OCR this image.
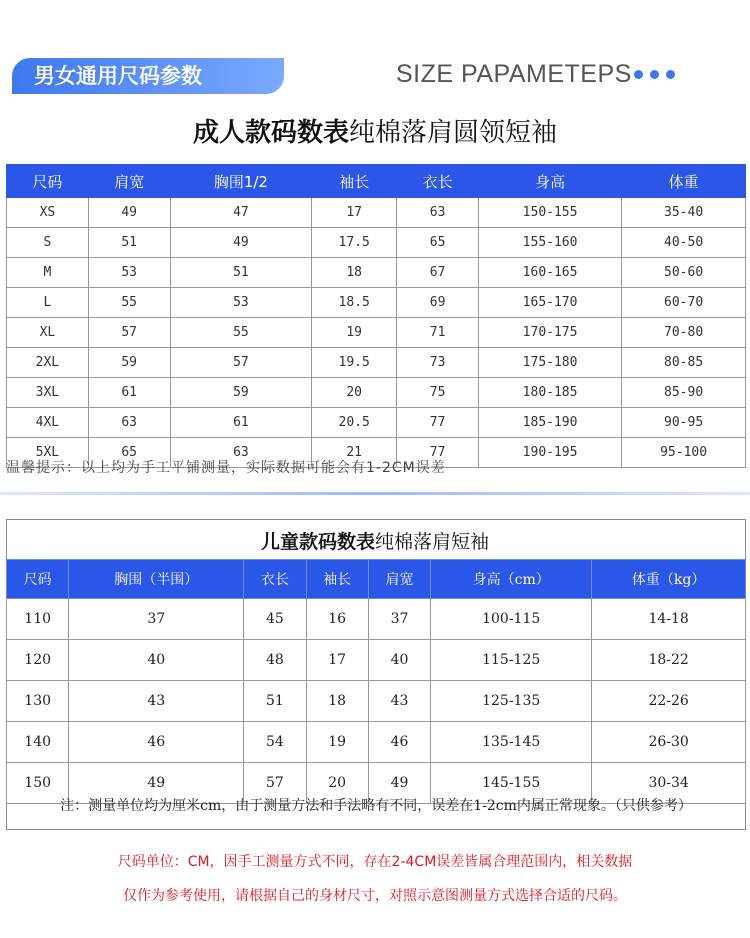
男女通用尺码参数	SIZE PAPAMETEPS
成人款码数表纯棉落肩圆领短袖
尺码	肩宽	胸围1/2	袖长	衣长	身高	体重
XS	49	47	17	63	150-155	35-40
S	51	49	17.5	65	155-160	40-50
M	53	51	18	67	160-165	50-60
L	55	53	18.5	69	165-170	60-70
XL	57	55	19	71	170-175	70-80
2XL	59	57	19.5	73	175-180	80-85
3XL	61	59	20	75	180-185	85-90
4XL	63	61	20.5	77	185-190	90-95
5XL	65	63	21	77	190-195	95-100
温馨提示：以上均为手工平铺测量，实际数据可能会有1-2CM误差
儿童款码数表纯棉落肩短袖
尺码	胸围（半围）	衣长	袖长	肩宽	身高（cm）	体重（kg）
110	37	45	16	37	100-115	14-18
120	40	48	17	40	115-125	18-22
130	43	51	18	43	125-135	22-26
140	46	54	19	46	135-145	26-30
150	49	57	20	49	145-155	30-34
注：测量单位均为厘米cm，由于测量方法和手法略有不同，误差在1-2cm内属正常现象。（只供参考）
尺码单位：CM，因手工测量方式不同，存在2-4CM误差皆属合理范围内，相关数据
仅作为参考使用，请根据自己的身材尺寸，对照示意图测量方式选择合适的尺码。
